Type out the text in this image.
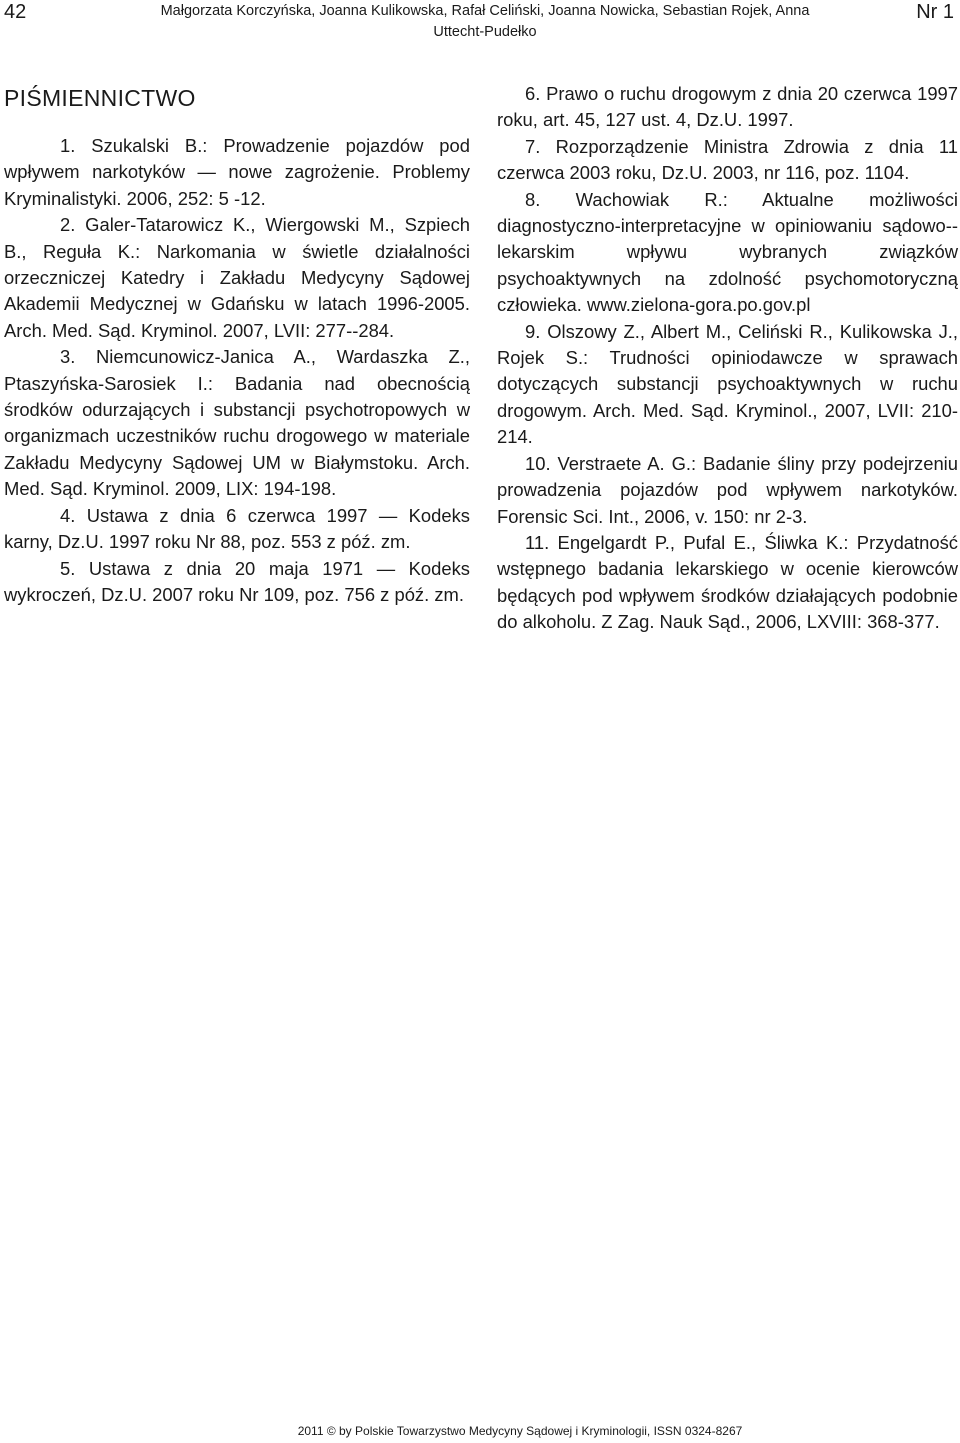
42	Małgorzata Korczyńska, Joanna Kulikowska, Rafał Celiński, Joanna Nowicka, Sebastian Rojek, Anna Uttecht-Pudełko
Nr 1
PIŚMIENNICTWO

1. Szukalski B.: Prowadzenie pojazdów pod wpływem narkotyków — nowe zagrożenie. Problemy Kryminalistyki. 2006, 252: 5 -12.

2. Galer-Tatarowicz K., Wiergowski M., Szpiech B., Reguła K.: Narkomania w świetle działalności orzeczniczej Katedry i Zakładu Medycyny Sądowej Akademii Medycznej w Gdańsku w latach 1996-2005. Arch. Med. Sąd. Kryminol. 2007, LVII: 277--284.

3. Niemcunowicz-Janica A., Wardaszka Z., Ptaszyńska-Sarosiek I.: Badania nad obecnością środków odurzających i substancji psychotropowych w organizmach uczestników ruchu drogowego w materiale Zakładu Medycyny Sądowej UM w Białymstoku. Arch. Med. Sąd. Kryminol. 2009, LIX: 194-198.

4. Ustawa z dnia 6 czerwca 1997 — Kodeks karny, Dz.U. 1997 roku Nr 88, poz. 553 z póź. zm.

5. Ustawa z dnia 20 maja 1971 — Kodeks wykroczeń, Dz.U. 2007 roku Nr 109, poz. 756 z póź. zm.

6. Prawo o ruchu drogowym z dnia 20 czerwca 1997 roku, art. 45, 127 ust. 4, Dz.U. 1997.

7. Rozporządzenie Ministra Zdrowia z dnia 11 czerwca 2003 roku, Dz.U. 2003, nr 116, poz. 1104.

8. Wachowiak R.: Aktualne możliwości diagnostyczno-interpretacyjne w opiniowaniu sądowo--lekarskim wpływu wybranych związków psychoaktywnych na zdolność psychomotoryczną człowieka. www.zielona-gora.po.gov.pl

9. Olszowy Z., Albert M., Celiński R., Kulikowska J., Rojek S.: Trudności opiniodawcze w sprawach dotyczących substancji psychoaktywnych w ruchu drogowym. Arch. Med. Sąd. Kryminol., 2007, LVII: 210-214.

10. Verstraete A. G.: Badanie śliny przy podejrzeniu prowadzenia pojazdów pod wpływem narkotyków. Forensic Sci. Int., 2006, v. 150: nr 2-3.

11. Engelgardt P., Pufal E., Śliwka K.: Przydatność wstępnego badania lekarskiego w ocenie kierowców będących pod wpływem środków działających podobnie do alkoholu. Z Zag. Nauk Sąd., 2006, LXVIII: 368-377.

2011 © by Polskie Towarzystwo Medycyny Sądowej i Kryminologii, ISSN 0324-8267
